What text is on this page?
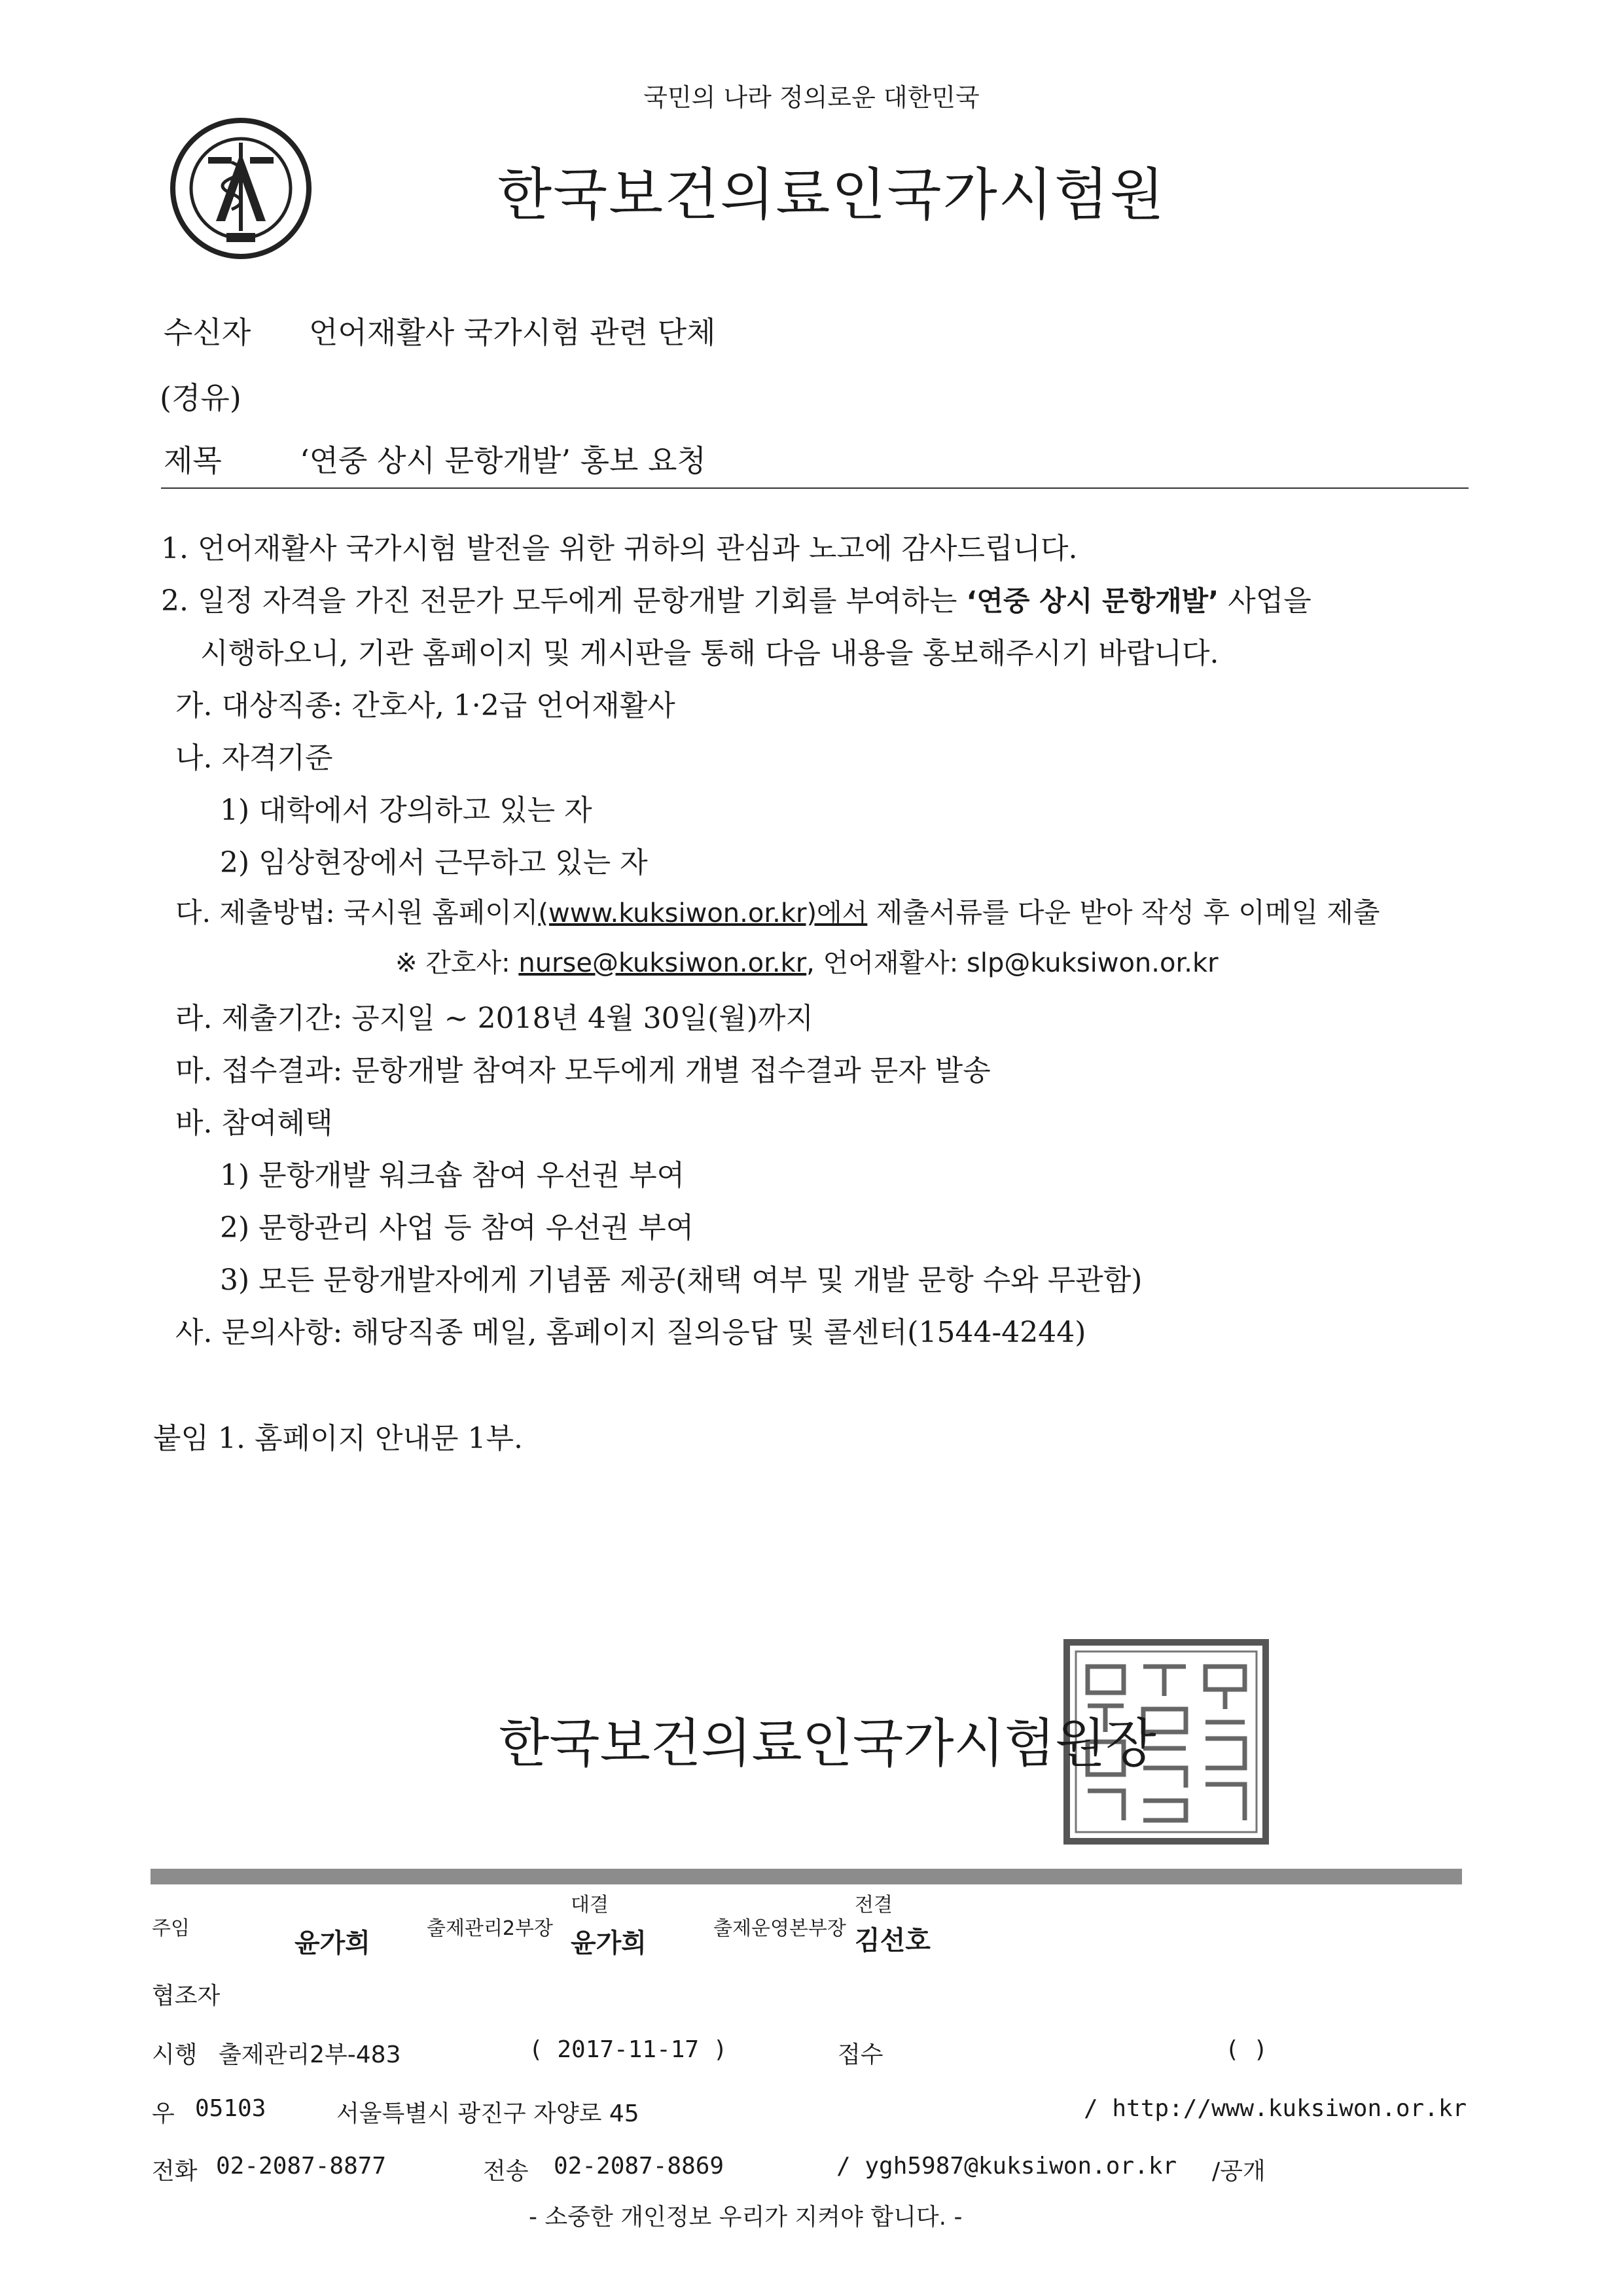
국민의 나라 정의로운 대한민국
한국보건의료인국가시험원
수신자 언어재활사 국가시험 관련 단체
(경유)
제목	‘연중 상시 문항개발’ 홍보 요청
1. 언어재활사 국가시험 발전을 위한 귀하의 관심과 노고에 감사드립니다.
2. 일정 자격을 가진 전문가 모두에게 문항개발 기회를 부여하는 ‘연중 상시 문항개발’ 사업을
시행하오니, 기관 홈페이지 및 게시판을 통해 다음 내용을 홍보해주시기 바랍니다.
가. 대상직종: 간호사, 1·2급 언어재활사
나. 자격기준
1) 대학에서 강의하고 있는 자
2) 임상현장에서 근무하고 있는 자
다. 제출방법: 국시원 홈페이지(www.kuksiwon.or.kr)에서 제출서류를 다운 받아 작성 후 이메일 제출
※ 간호사: nurse@kuksiwon.or.kr, 언어재활사: slp@kuksiwon.or.kr
라. 제출기간: 공지일 ~ 2018년 4월 30일(월)까지
마. 접수결과: 문항개발 참여자 모두에게 개별 접수결과 문자 발송
바. 참여혜택
1) 문항개발 워크숍 참여 우선권 부여
2) 문항관리 사업 등 참여 우선권 부여
3) 모든 문항개발자에게 기념품 제공(채택 여부 및 개발 문항 수와 무관함)
사. 문의사항: 해당직종 메일, 홈페이지 질의응답 및 콜센터(1544-4244)
붙임 1. 홈페이지 안내문 1부.
한국보건의료인국가시험원장
주임	윤가희	출제관리2부장
대결
윤가희	출제운영본부장
전결
김선호
협조자
시행 출제관리2부-483	( 2017-11-17 )	접수	( )
우 05103	서울특별시 광진구 자양로 45	/ http://www.kuksiwon.or.kr
전화 02-2087-8877	전송 02-2087-8869	/ ygh5987@kuksiwon.or.kr /공개
- 소중한 개인정보 우리가 지켜야 합니다. -
